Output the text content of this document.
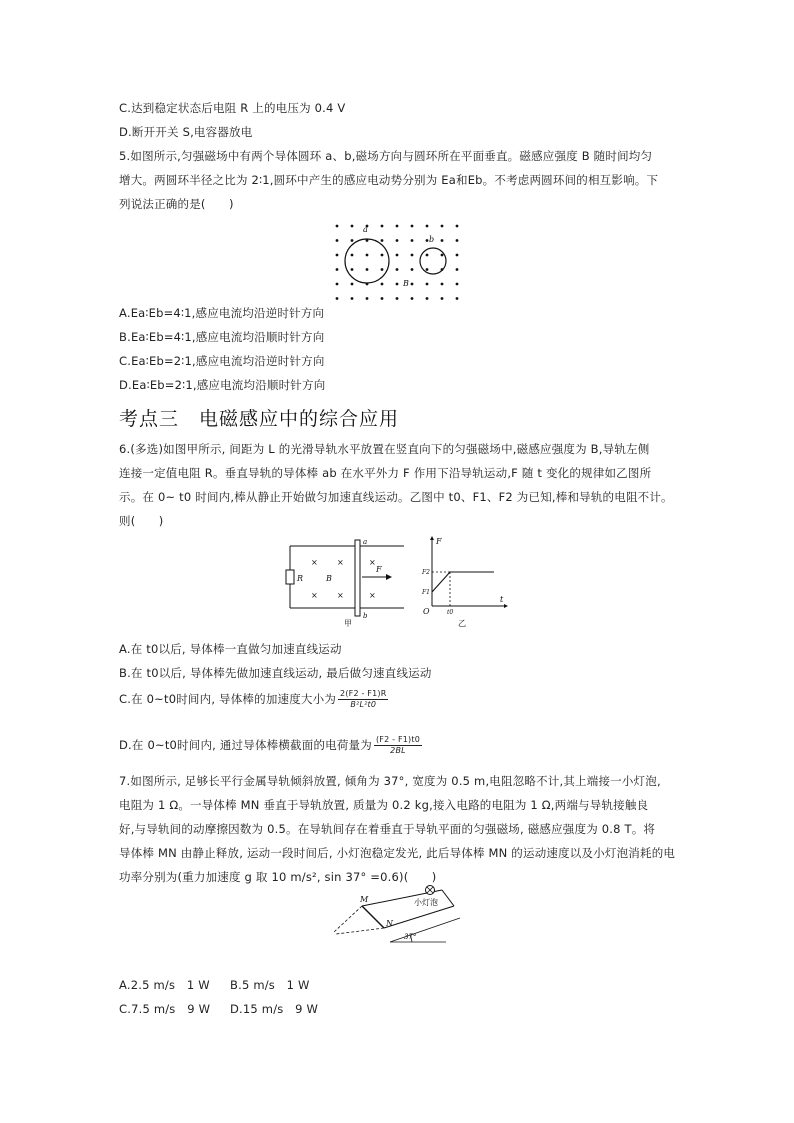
C.达到稳定状态后电阻 R 上的电压为 0.4 V
D.断开开关 S,电容器放电
5.如图所示,匀强磁场中有两个导体圆环 a、b,磁场方向与圆环所在平面垂直。磁感应强度 B 随时间均匀
增大。两圆环半径之比为 2∶1,圆环中产生的感应电动势分别为 Ea和Eb。不考虑两圆环间的相互影响。下
列说法正确的是(　　)
a
b
B
A.Ea∶Eb=4∶1,感应电流均沿逆时针方向
B.Ea∶Eb=4∶1,感应电流均沿顺时针方向
C.Ea∶Eb=2∶1,感应电流均沿逆时针方向
D.Ea∶Eb=2∶1,感应电流均沿顺时针方向
考点三　电磁感应中的综合应用
6.(多选)如图甲所示, 间距为 L 的光滑导轨水平放置在竖直向下的匀强磁场中,磁感应强度为 B,导轨左侧
连接一定值电阻 R。垂直导轨的导体棒 ab 在水平外力 F 作用下沿导轨运动,F 随 t 变化的规律如乙图所
示。在 0~ t0 时间内,棒从静止开始做匀加速直线运动。乙图中 t0、F1、F2 为已知,棒和导轨的电阻不计。
则(　　)
R
× ×	×
× ×	×
B
F
a
b
甲
F
t
O
F2
F1
t0
乙
A.在 t0以后, 导体棒一直做匀加速直线运动
B.在 t0以后, 导体棒先做加速直线运动, 最后做匀速直线运动
C.在 0~t0时间内, 导体棒的加速度大小为 $\frac{2(F2 - F1)R}{\text{B²L²t0}}$
D.在 0~t0时间内, 通过导体棒横截面的电荷量为 $\frac{(F2 - F1)t0}{2BL}$
7.如图所示, 足够长平行金属导轨倾斜放置, 倾角为 37°, 宽度为 0.5 m,电阻忽略不计,其上端接一小灯泡,
电阻为 1 Ω。一导体棒 MN 垂直于导轨放置, 质量为 0.2 kg,接入电路的电阻为 1 Ω,两端与导轨接触良
好,与导轨间的动摩擦因数为 0.5。在导轨间存在着垂直于导轨平面的匀强磁场, 磁感应强度为 0.8 T。将
导体棒 MN 由静止释放, 运动一段时间后, 小灯泡稳定发光, 此后导体棒 MN 的运动速度以及小灯泡消耗的电
功率分别为(重力加速度 g 取 10 m/s², sin 37° =0.6)(　　)
小灯泡
M
N
37°
A.2.5 m/s　1 W B.5 m/s　1 W
C.7.5 m/s　9 W D.15 m/s　9 W
